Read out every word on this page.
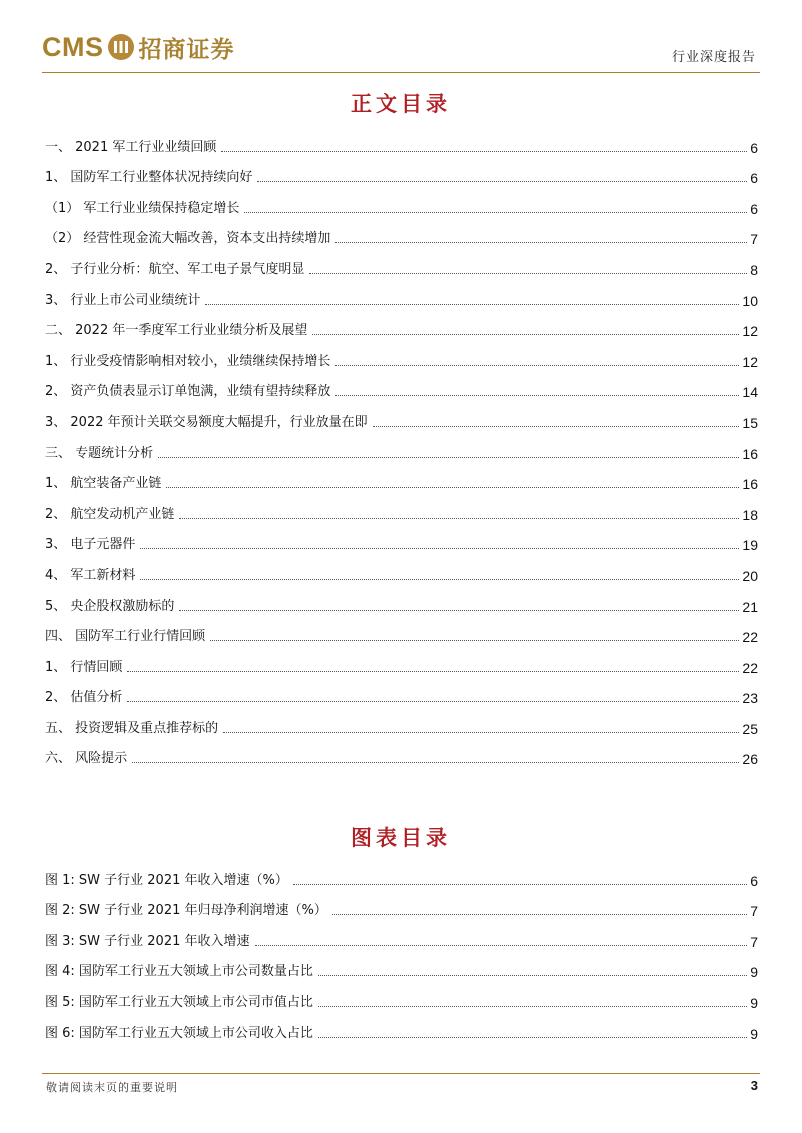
CMS 招商证券	行业深度报告
正文目录
一、 2021 军工行业业绩回顾	6
1、 国防军工行业整体状况持续向好	6
（1） 军工行业业绩保持稳定增长	6
（2） 经营性现金流大幅改善，资本支出持续增加	7
2、 子行业分析：航空、军工电子景气度明显	8
3、 行业上市公司业绩统计	10
二、 2022 年一季度军工行业业绩分析及展望	12
1、 行业受疫情影响相对较小，业绩继续保持增长	12
2、 资产负债表显示订单饱满，业绩有望持续释放	14
3、 2022 年预计关联交易额度大幅提升，行业放量在即	15
三、 专题统计分析	16
1、 航空装备产业链	16
2、 航空发动机产业链	18
3、 电子元器件	19
4、 军工新材料	20
5、 央企股权激励标的	21
四、 国防军工行业行情回顾	22
1、 行情回顾	22
2、 估值分析	23
五、 投资逻辑及重点推荐标的	25
六、 风险提示	26
图表目录
图 1: SW 子行业 2021 年收入增速（%）	6
图 2: SW 子行业 2021 年归母净利润增速（%）	7
图 3: SW 子行业 2021 年收入增速	7
图 4: 国防军工行业五大领域上市公司数量占比	9
图 5: 国防军工行业五大领域上市公司市值占比	9
图 6: 国防军工行业五大领域上市公司收入占比	9
敬请阅读末页的重要说明	3
